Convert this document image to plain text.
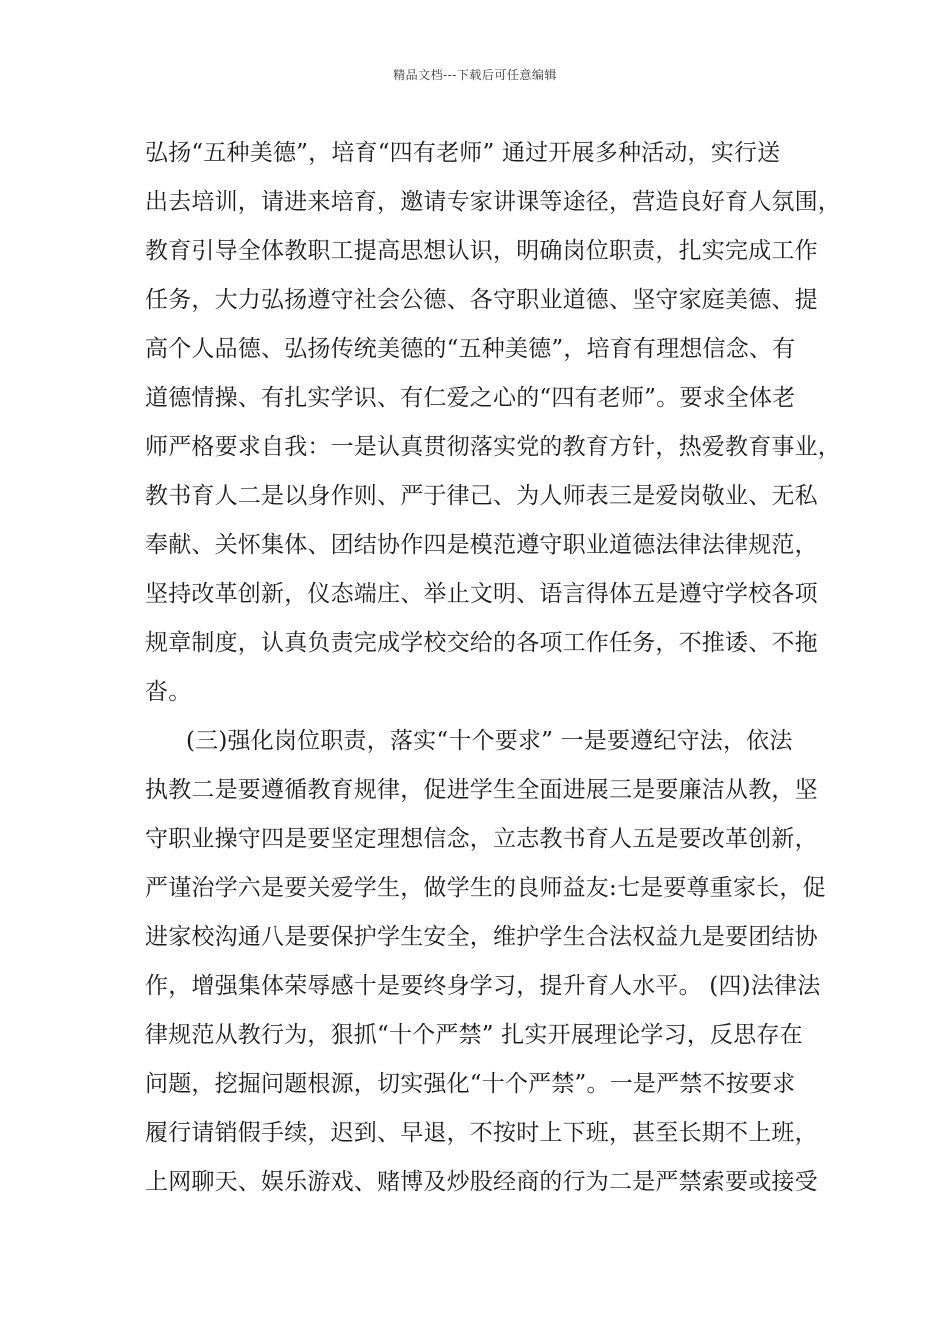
精品文档---下载后可任意编辑
弘扬“五种美德”，培育“四有老师” 通过开展多种活动，实行送
出去培训，请进来培育，邀请专家讲课等途径，营造良好育人氛围，
教育引导全体教职工提高思想认识，明确岗位职责，扎实完成工作
任务，大力弘扬遵守社会公德、各守职业道德、坚守家庭美德、提
高个人品德、弘扬传统美德的“五种美德”，培育有理想信念、有
道德情操、有扎实学识、有仁爱之心的“四有老师”。要求全体老
师严格要求自我：一是认真贯彻落实党的教育方针，热爱教育事业，
教书育人二是以身作则、严于律己、为人师表三是爱岗敬业、无私
奉献、关怀集体、团结协作四是模范遵守职业道德法律法律规范，
坚持改革创新，仪态端庄、举止文明、语言得体五是遵守学校各项
规章制度，认真负责完成学校交给的各项工作任务，不推诿、不拖
沓。
(三)强化岗位职责，落实“十个要求” 一是要遵纪守法，依法
执教二是要遵循教育规律，促进学生全面进展三是要廉洁从教，坚
守职业操守四是要坚定理想信念，立志教书育人五是要改革创新，
严谨治学六是要关爱学生，做学生的良师益友:七是要尊重家长，促
进家校沟通八是要保护学生安全，维护学生合法权益九是要团结协
作，增强集体荣辱感十是要终身学习，提升育人水平。 (四)法律法
律规范从教行为，狠抓“十个严禁” 扎实开展理论学习，反思存在
问题，挖掘问题根源，切实强化“十个严禁”。一是严禁不按要求
履行请销假手续，迟到、早退，不按时上下班，甚至长期不上班，
上网聊天、娱乐游戏、赌博及炒股经商的行为二是严禁索要或接受
